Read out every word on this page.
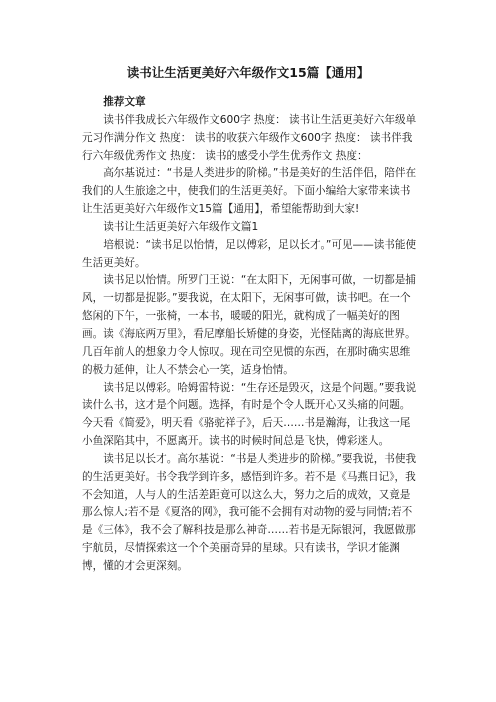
读书让生活更美好六年级作文15篇【通用】

推荐文章

读书伴我成长六年级作文600字 热度： 读书让生活更美好六年级单元习作满分作文 热度： 读书的收获六年级作文600字 热度： 读书伴我行六年级优秀作文 热度： 读书的感受小学生优秀作文 热度：

高尔基说过：“书是人类进步的阶梯。”书是美好的生活伴侣，陪伴在我们的人生旅途之中，使我们的生活更美好。下面小编给大家带来读书让生活更美好六年级作文15篇【通用】，希望能帮助到大家!

读书让生活更美好六年级作文篇1

培根说：“读书足以怡情，足以傅彩，足以长才。”可见——读书能使生活更美好。

读书足以怡情。所罗门王说：“在太阳下，无闲事可做，一切都是捕风，一切都是捉影。”要我说，在太阳下，无闲事可做，读书吧。在一个悠闲的下午，一张椅，一本书，暖暖的阳光，就构成了一幅美好的图画。读《海底两万里》，看尼摩船长矫健的身姿，光怪陆离的海底世界。几百年前人的想象力令人惊叹。现在司空见惯的东西，在那时确实思维的极力延伸，让人不禁会心一笑，适身怡情。

读书足以傅彩。哈姆雷特说：“生存还是毁灭，这是个问题。”要我说读什么书，这才是个问题。选择，有时是个令人既开心又头痛的问题。今天看《简爱》，明天看《骆驼祥子》，后天……书是瀚海，让我这一尾小鱼深陷其中，不愿离开。读书的时候时间总是飞快，傅彩迷人。

读书足以长才。高尔基说：“书是人类进步的阶梯。”要我说，书使我的生活更美好。书令我学到许多，感悟到许多。若不是《马燕日记》，我不会知道，人与人的生活差距竟可以这么大，努力之后的成效，又竟是那么惊人;若不是《夏洛的网》，我可能不会拥有对动物的爱与同情;若不是《三体》，我不会了解科技是那么神奇……若书是无际银河，我愿做那宇航员，尽情探索这一个个美丽奇异的星球。只有读书，学识才能渊博，懂的才会更深刻。
